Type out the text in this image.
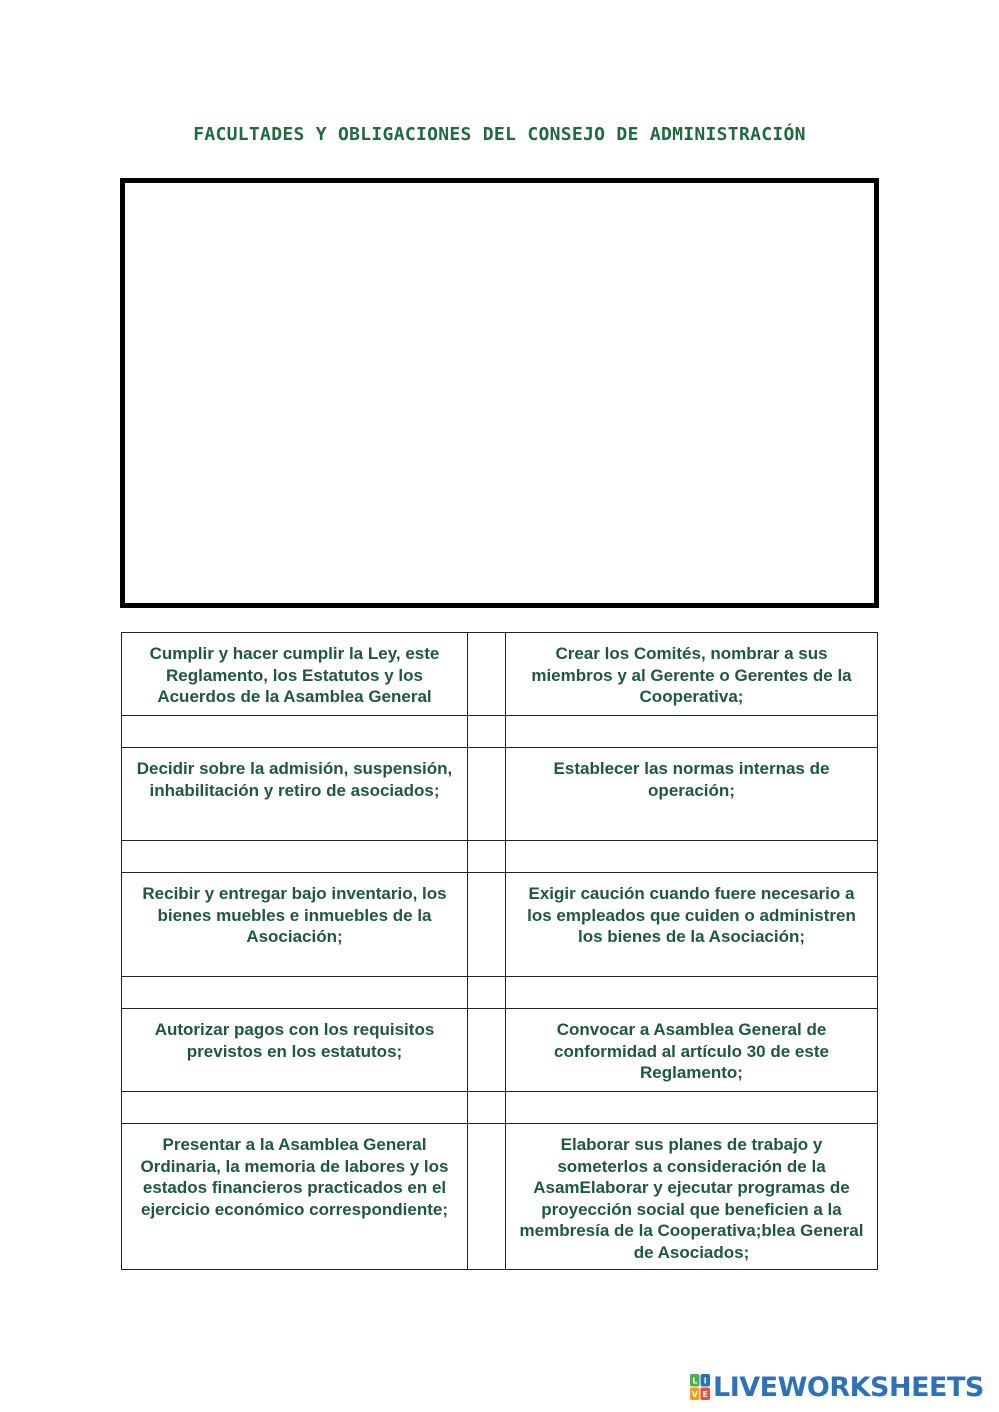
FACULTADES Y OBLIGACIONES DEL CONSEJO DE ADMINISTRACIÓN
Cumplir y hacer cumplir la Ley, este Reglamento, los Estatutos y los Acuerdos de la Asamblea General		Crear los Comités, nombrar a sus miembros y al Gerente o Gerentes de la Cooperativa;

Decidir sobre la admisión, suspensión, inhabilitación y retiro de asociados;		Establecer las normas internas de operación;

Recibir y entregar bajo inventario, los bienes muebles e inmuebles de la Asociación;		Exigir caución cuando fuere necesario a los empleados que cuiden o administren los bienes de la Asociación;

Autorizar pagos con los requisitos previstos en los estatutos;		Convocar a Asamblea General de conformidad al artículo 30 de este Reglamento;

Presentar a la Asamblea General Ordinaria, la memoria de labores y los estados financieros practicados en el ejercicio económico correspondiente;		Elaborar sus planes de trabajo y someterlos a consideración de la AsamElaborar y ejecutar programas de proyección social que beneficien a la membresía de la Cooperativa;blea General de Asociados;
L I
V E LIVEWORKSHEETS
